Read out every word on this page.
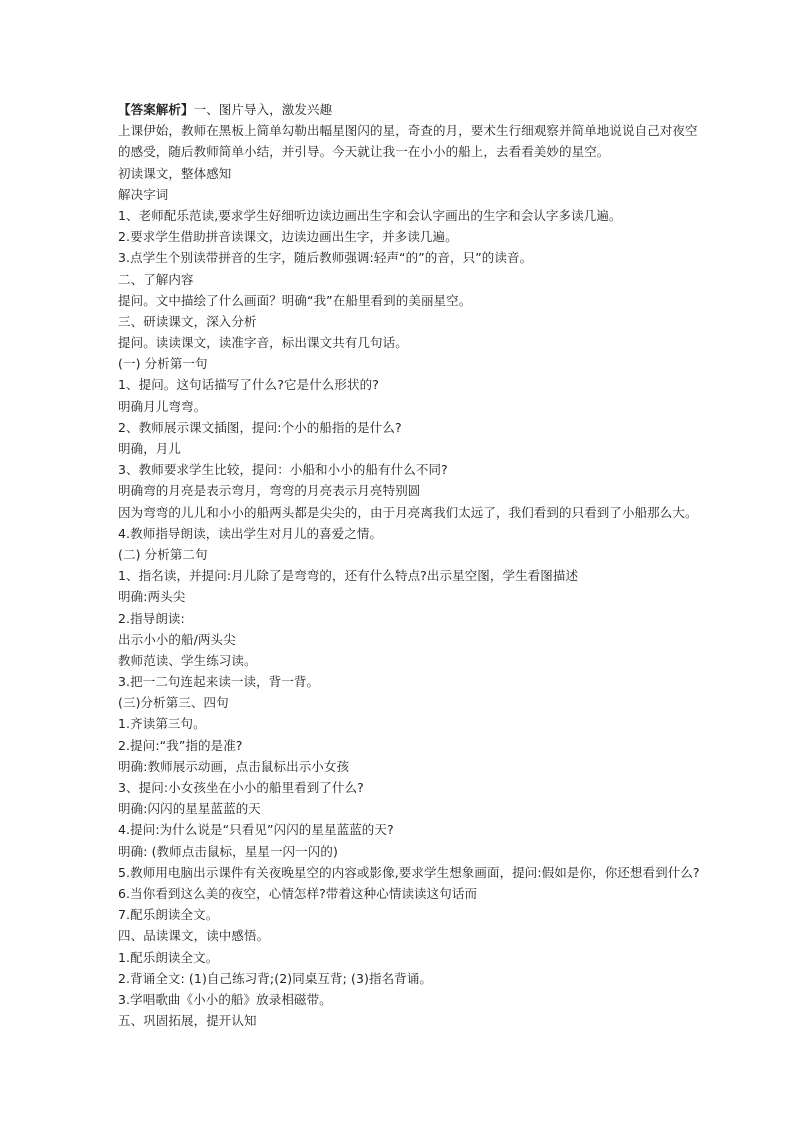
【答案解析】一、图片导入，激发兴趣
上课伊始，教师在黑板上简单勾勒出幅星图闪的星，奇查的月，要术生行细观察并简单地说说自己对夜空
的感受，随后教师简单小结，并引导。今天就让我一在小小的船上，去看看美妙的星空。
初读课文，整体感知
解决字词
1、老师配乐范读,要求学生好细听边读边画出生字和会认字画出的生字和会认字多读几遍。
2.要求学生借助拼音读课文，边读边画出生字，并多读几遍。
3.点学生个别读带拼音的生字，随后教师强调:轻声“的”的音，只”的读音。
二、了解内容
提问。文中描绘了什么画面？明确“我”在船里看到的美丽星空。
三、研读课文，深入分析
提问。读读课文，读准字音，标出课文共有几句话。
(一) 分析第一句
1、提问。这句话描写了什么?它是什么形状的?
明确月儿弯弯。
2、教师展示课文插图，提问:个小的船指的是什么?
明确，月儿
3、教师要求学生比较，提问：小船和小小的船有什么不同?
明确弯的月亮是表示弯月，弯弯的月亮表示月亮特别圆
因为弯弯的儿儿和小小的船两头都是尖尖的，由于月亮离我们太远了，我们看到的只看到了小船那么大。
4.教师指导朗读，读出学生对月儿的喜爱之情。
(二) 分析第二句
1、指名读，并提问:月儿除了是弯弯的，还有什么特点?出示星空图，学生看图描述
明确:两头尖
2.指导朗读:
出示小小的船/两头尖
教师范读、学生练习读。
3.把一二句连起来读一读，背一背。
(三)分析第三、四句
1.齐读第三句。
2.提问:“我”指的是准?
明确:教师展示动画，点击鼠标出示小女孩
3、提问:小女孩坐在小小的船里看到了什么?
明确:闪闪的星星蓝蓝的天
4.提问:为什么说是“只看见”闪闪的星星蓝蓝的天?
明确: (教师点击鼠标，星星一闪一闪的)
5.教师用电脑出示课件有关夜晚星空的内容或影像,要求学生想象画面，提问:假如是你，你还想看到什么?
6.当你看到这么美的夜空，心情怎样?带着这种心情读读这句话而
7.配乐朗读全文。
四、品读课文，读中感悟。
1.配乐朗读全文。
2.背诵全文: (1)自己练习背;(2)同桌互背; (3)指名背诵。
3.学唱歌曲《小小的船》放录相磁带。
五、巩固拓展，提开认知
